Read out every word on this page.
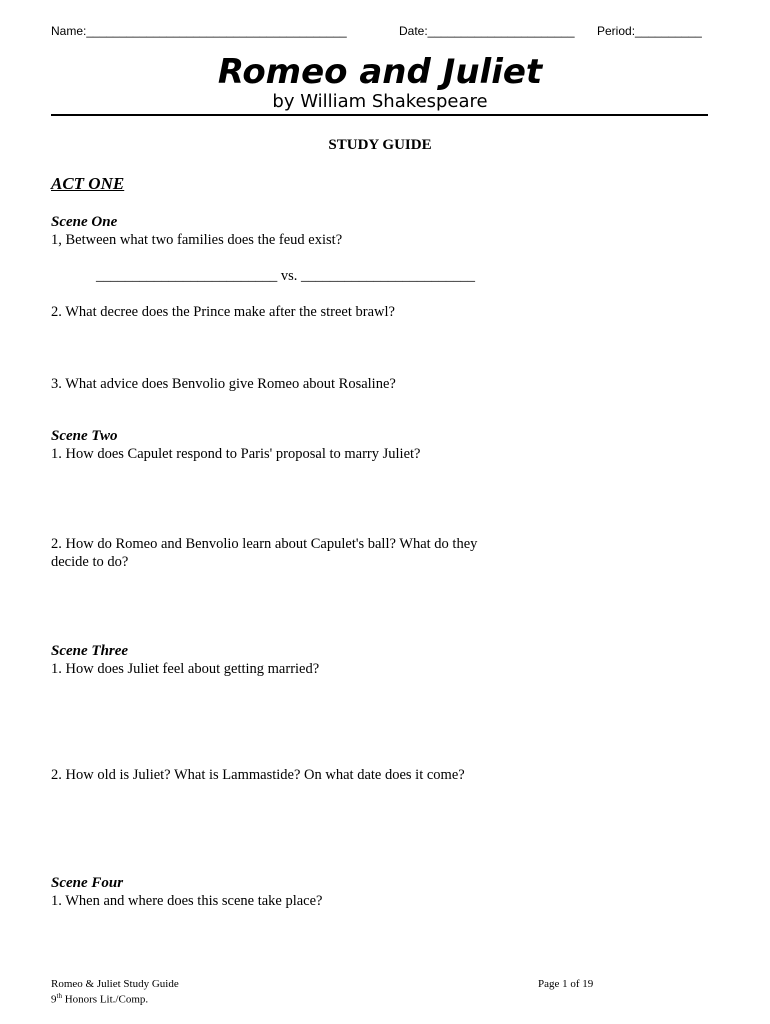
Name:_______________________________________	Date:______________________ Period:__________
Romeo and Juliet
by William Shakespeare
STUDY GUIDE
ACT ONE
Scene One
1, Between what two families does the feud exist?
_________________________ vs. ________________________
2. What decree does the Prince make after the street brawl?
3. What advice does Benvolio give Romeo about Rosaline?
Scene Two
1. How does Capulet respond to Paris' proposal to marry Juliet?
2. How do Romeo and Benvolio learn about Capulet's ball? What do they
decide to do?
Scene Three
1. How does Juliet feel about getting married?
2. How old is Juliet? What is Lammastide? On what date does it come?
Scene Four
1. When and where does this scene take place?
Romeo & Juliet Study Guide
9th Honors Lit./Comp.
Page 1 of 19
